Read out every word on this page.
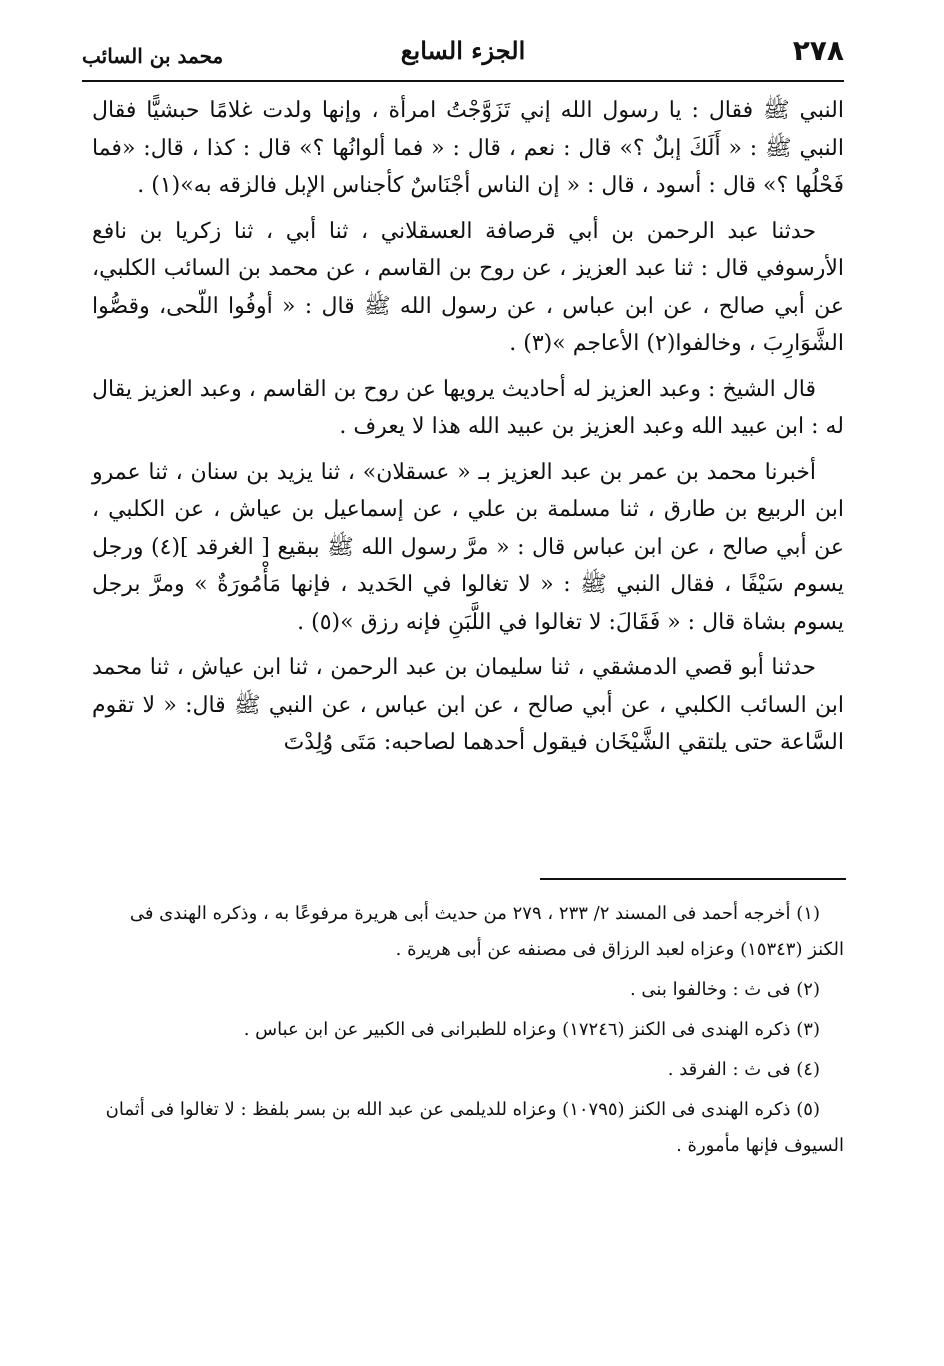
٢٧٨
الجزء السابع
محمد بن السائب

النبي ﷺ فقال : يا رسول الله إني تَزَوَّجْتُ امرأة ، وإنها ولدت غلامًا حبشيًّا فقال النبي ﷺ : « أَلَكَ إبلٌ ؟» قال : نعم ، قال : « فما ألوانُها ؟» قال : كذا ، قال: «فما فَحْلُها ؟» قال : أسود ، قال : « إن الناس أجْنَاسٌ كأجناس الإبل فالزقه به»(١) .

حدثنا عبد الرحمن بن أبي قرصافة العسقلاني ، ثنا أبي ، ثنا زكريا بن نافع الأرسوفي قال : ثنا عبد العزيز ، عن روح بن القاسم ، عن محمد بن السائب الكلبي، عن أبي صالح ، عن ابن عباس ، عن رسول الله ﷺ قال : « أوفُوا اللّحى، وقصُّوا الشَّوَارِبَ ، وخالفوا(٢) الأعاجم »(٣) .

قال الشيخ : وعبد العزيز له أحاديث يرويها عن روح بن القاسم ، وعبد العزيز يقال له : ابن عبيد الله وعبد العزيز بن عبيد الله هذا لا يعرف .

أخبرنا محمد بن عمر بن عبد العزيز بـ « عسقلان» ، ثنا يزيد بن سنان ، ثنا عمرو ابن الربيع بن طارق ، ثنا مسلمة بن علي ، عن إسماعيل بن عياش ، عن الكلبي ، عن أبي صالح ، عن ابن عباس قال : « مرَّ رسول الله ﷺ ببقيع [ الغرقد ](٤) ورجل يسوم سَيْفًا ، فقال النبي ﷺ : « لا تغالوا في الحَديد ، فإنها مَأْمُورَةٌ » ومرَّ برجل يسوم بشاة قال : « فَقَالَ: لا تغالوا في اللَّبَنِ فإنه رزق »(٥) .

حدثنا أبو قصي الدمشقي ، ثنا سليمان بن عبد الرحمن ، ثنا ابن عياش ، ثنا محمد ابن السائب الكلبي ، عن أبي صالح ، عن ابن عباس ، عن النبي ﷺ قال: « لا تقوم السَّاعة حتى يلتقي الشَّيْخَان فيقول أحدهما لصاحبه: مَتَى وُلِدْتَ

(١) أخرجه أحمد فى المسند ٢/ ٢٣٣ ، ٢٧٩ من حديث أبى هريرة مرفوعًا به ، وذكره الهندى فى الكنز (١٥٣٤٣) وعزاه لعبد الرزاق فى مصنفه عن أبى هريرة .

(٢) فى ث : وخالفوا بنى .

(٣) ذكره الهندى فى الكنز (١٧٢٤٦) وعزاه للطبرانى فى الكبير عن ابن عباس .

(٤) فى ث : الفرقد .

(٥) ذكره الهندى فى الكنز (١٠٧٩٥) وعزاه للديلمى عن عبد الله بن بسر بلفظ : لا تغالوا فى أثمان السيوف فإنها مأمورة .
